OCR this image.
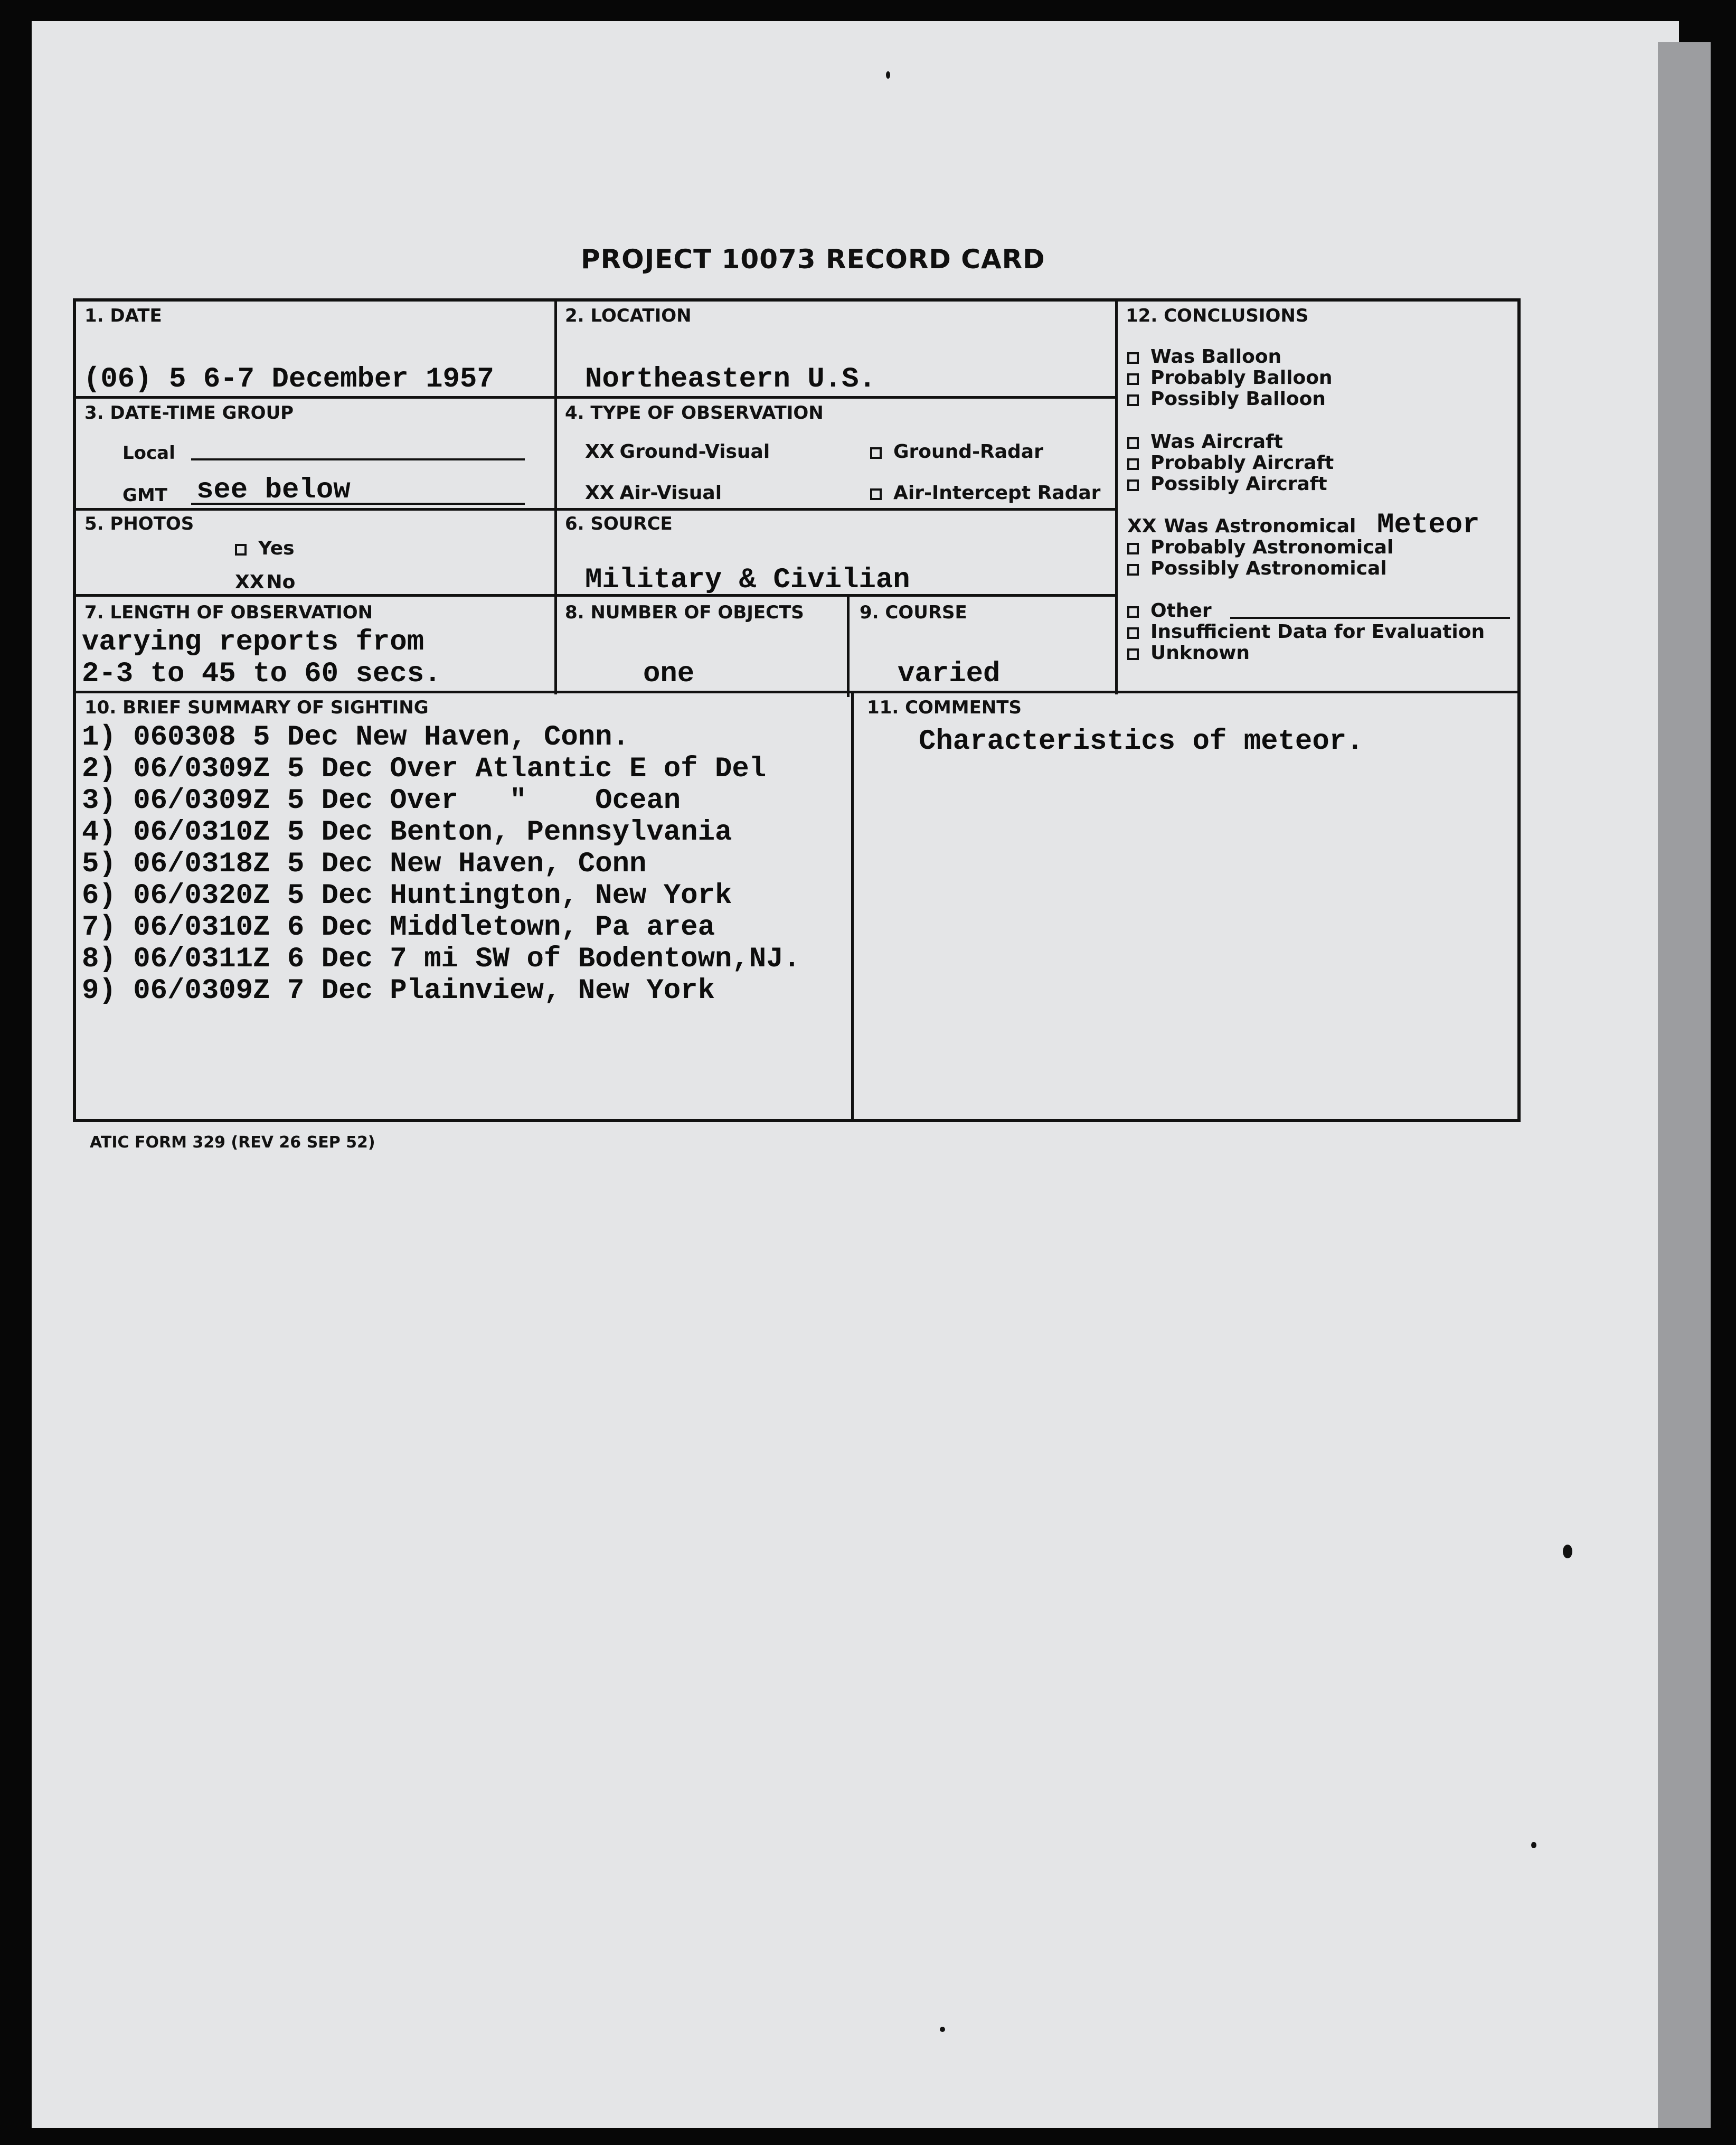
PROJECT 10073 RECORD CARD
1. DATE
(06) 5 6-7 December 1957
2. LOCATION
Northeastern U.S.
3. DATE-TIME GROUP
Local
GMT see below
4. TYPE OF OBSERVATION
XX Ground-Visual	Ground-Radar
XX Air-Visual	Air-Intercept Radar
5. PHOTOS
Yes
XX No
6. SOURCE
Military & Civilian
7. LENGTH OF OBSERVATION
varying reports from
2-3 to 45 to 60 secs.
8. NUMBER OF OBJECTS
one
9. COURSE
varied
10. BRIEF SUMMARY OF SIGHTING
1) 060308 5 Dec New Haven, Conn.
2) 06/0309Z 5 Dec Over Atlantic E of Del
3) 06/0309Z 5 Dec Over   "    Ocean
4) 06/0310Z 5 Dec Benton, Pennsylvania
5) 06/0318Z 5 Dec New Haven, Conn
6) 06/0320Z 5 Dec Huntington, New York
7) 06/0310Z 6 Dec Middletown, Pa area
8) 06/0311Z 6 Dec 7 mi SW of Bodentown,NJ.
9) 06/0309Z 7 Dec Plainview, New York
11. COMMENTS
Characteristics of meteor.
12. CONCLUSIONS
Was Balloon
Probably Balloon
Possibly Balloon
Was Aircraft
Probably Aircraft
Possibly Aircraft
XX Was Astronomical Meteor
Probably Astronomical
Possibly Astronomical
Other
Insufficient Data for Evaluation
Unknown
ATIC FORM 329 (REV 26 SEP 52)
